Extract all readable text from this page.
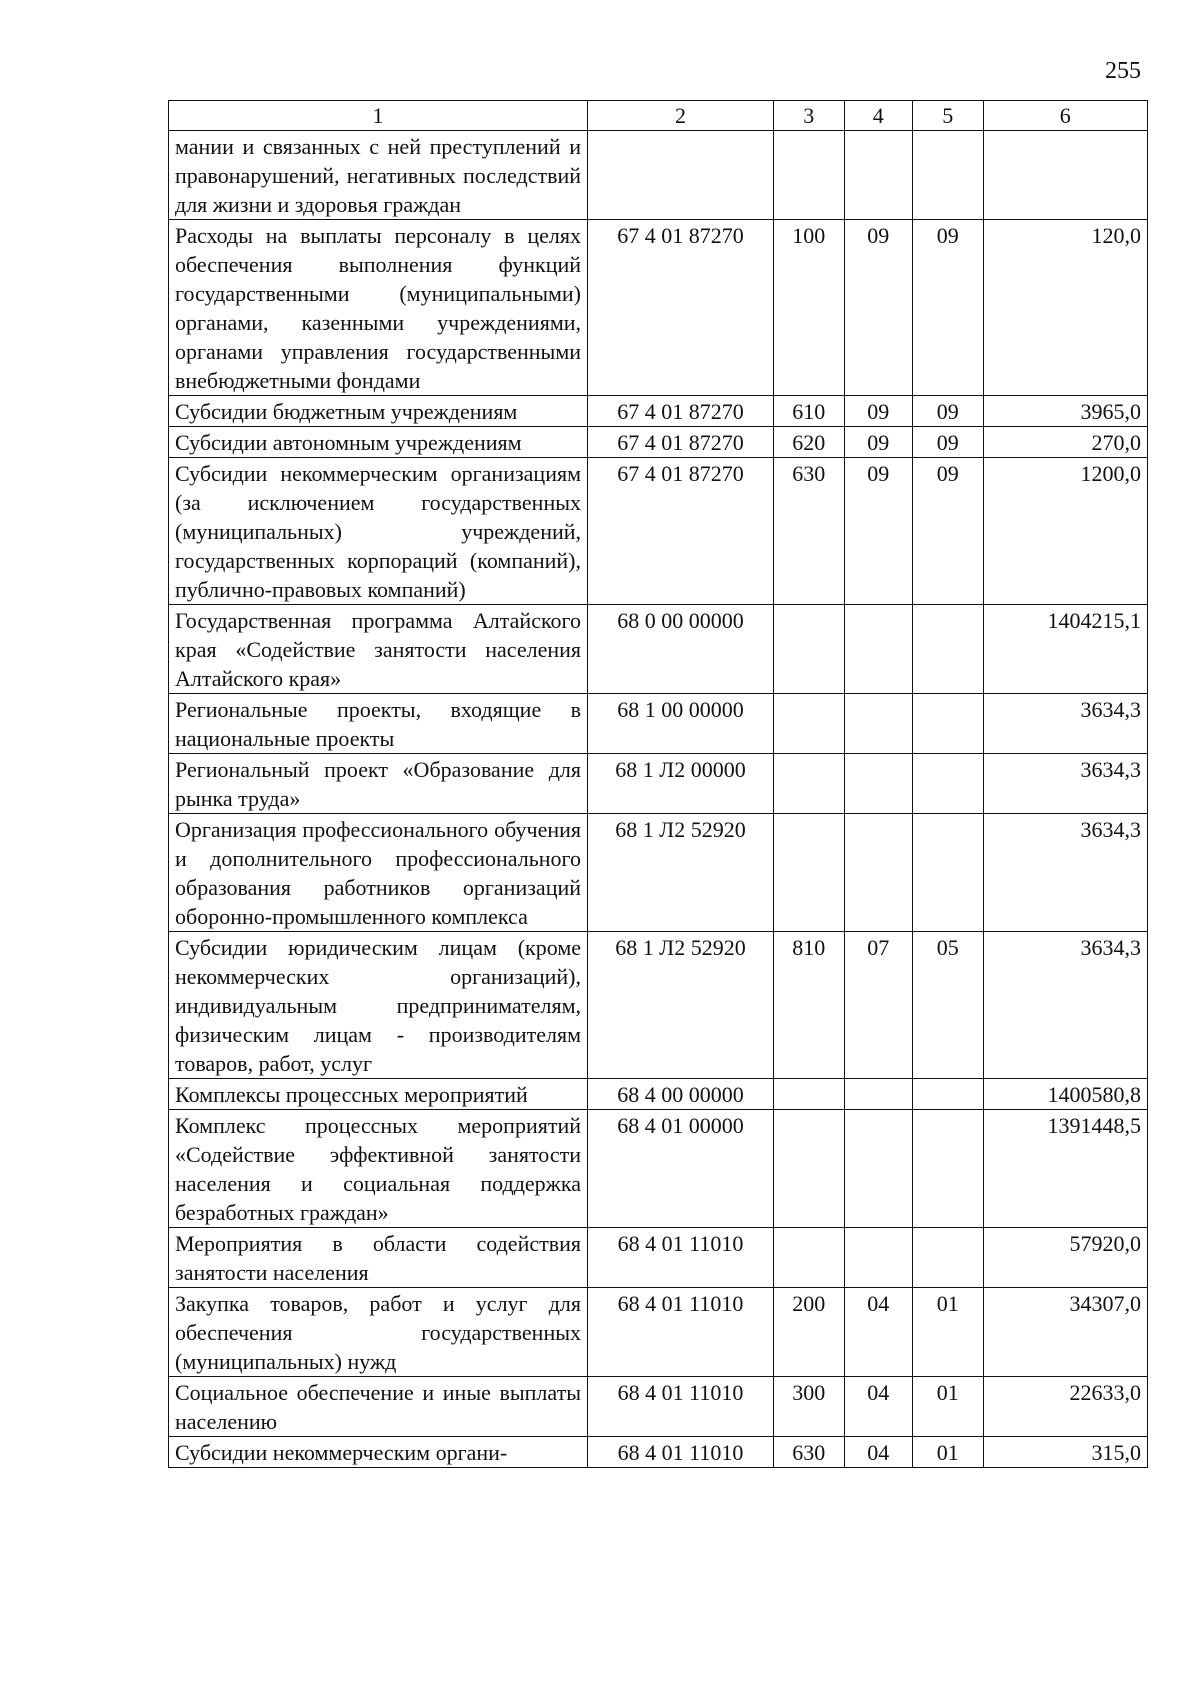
255
1	2	3	4	5	6
мании и связанных с ней преступлений и правонарушений, негативных последствий для жизни и здоровья граждан					
Расходы на выплаты персоналу в целях обеспечения выполнения функций государственными (муниципальными) органами, казенными учреждениями, органами управления государственными внебюджетными фондами	67 4 01 87270	100	09	09	120,0
Субсидии бюджетным учреждениям	67 4 01 87270	610	09	09	3965,0
Субсидии автономным учреждениям	67 4 01 87270	620	09	09	270,0
Субсидии некоммерческим организациям (за исключением государственных (муниципальных) учреждений, государственных корпораций (компаний), публично-правовых компаний)	67 4 01 87270	630	09	09	1200,0
Государственная программа Алтайского края «Содействие занятости населения Алтайского края»	68 0 00 00000				1404215,1
Региональные проекты, входящие в национальные проекты	68 1 00 00000				3634,3
Региональный проект «Образование для рынка труда»	68 1 Л2 00000				3634,3
Организация профессионального обучения и дополнительного профессионального образования работников организаций оборонно-промышленного комплекса	68 1 Л2 52920				3634,3
Субсидии юридическим лицам (кроме некоммерческих организаций), индивидуальным предпринимателям, физическим лицам - производителям товаров, работ, услуг	68 1 Л2 52920	810	07	05	3634,3
Комплексы процессных мероприятий	68 4 00 00000				1400580,8
Комплекс процессных мероприятий «Содействие эффективной занятости населения и социальная поддержка безработных граждан»	68 4 01 00000				1391448,5
Мероприятия в области содействия занятости населения	68 4 01 11010				57920,0
Закупка товаров, работ и услуг для обеспечения государственных (муниципальных) нужд	68 4 01 11010	200	04	01	34307,0
Социальное обеспечение и иные выплаты населению	68 4 01 11010	300	04	01	22633,0
Субсидии некоммерческим органи-	68 4 01 11010	630	04	01	315,0
